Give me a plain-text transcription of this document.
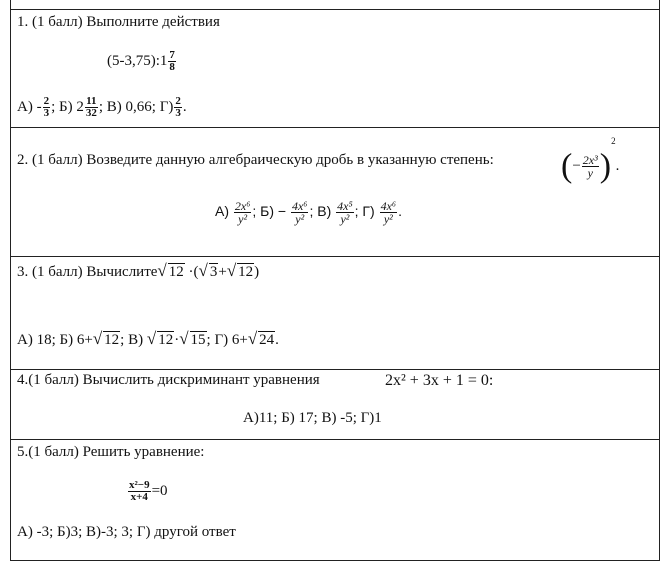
1. (1 балл) Выполните действия
(5-3,75):1 $\frac{7}{8}$
$А) - \frac{2}{3}$ ; Б) $2 \frac{11}{32}$ ; В) 0,66; $Г) \frac{2}{3}$ .
2. (1 балл) Возведите данную алгебраическую дробь в указанную степень: (− $\frac{\text{2x³}}{y} )^2$.
$А) \frac{\text{2x⁶}}{\text{y²}}$ ; $Б) - \frac{\text{4x⁶}}{\text{y²}}$ ; $В) \frac{\text{4x⁵}}{\text{y²}}$ ; $Г) \frac{\text{4x⁶}}{\text{y²}}$ .
3. (1 балл) Вычислите√ 12 ·(√ 3+√ 12)
А) 18; Б) 6+√ 12; В) √ 12·√ 15; Г) 6+√ 24.
4.(1 балл) Вычислить дискриминант уравнения	2x² + 3x + 1 = 0:
А)11; Б) 17; В) -5; Г)1
5.(1 балл) Решить уравнение:
$\frac{\text{x²−9}}{x+4} =0$
А) -3; Б)3; В)-3; 3; Г) другой ответ
